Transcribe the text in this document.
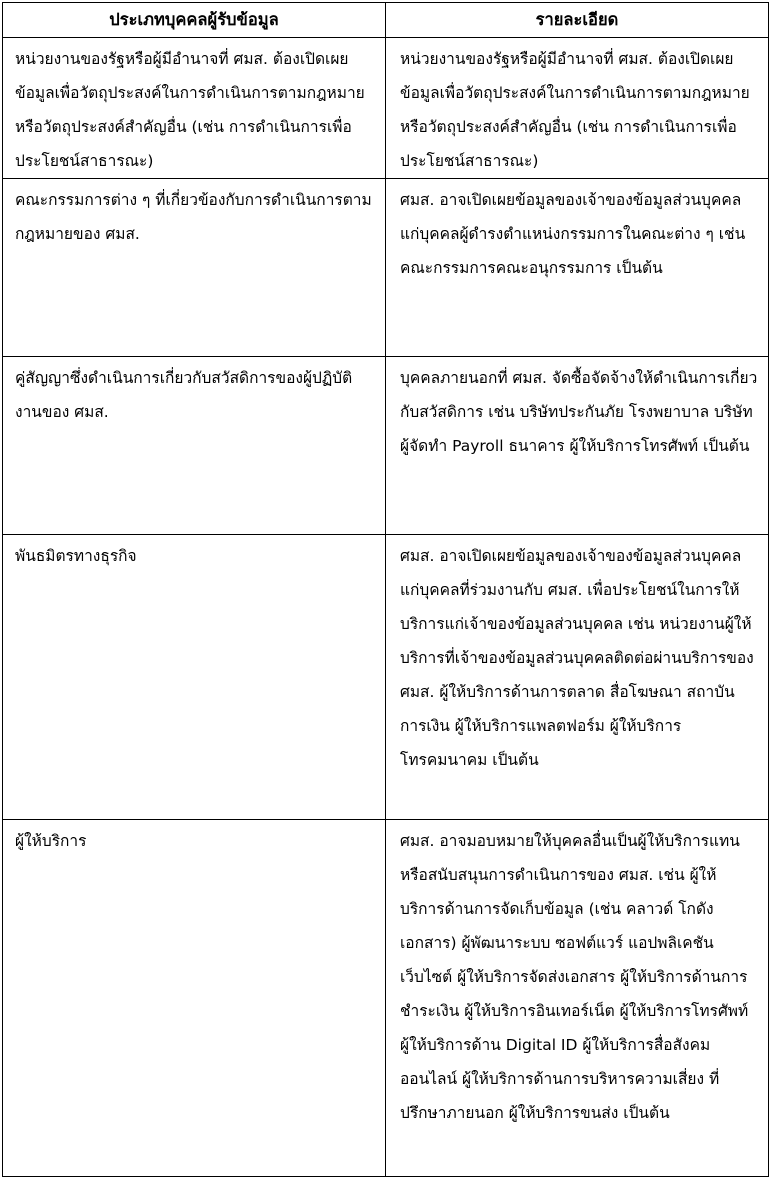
ประเภทบุคคลผู้รับข้อมูล	รายละเอียด

หน่วยงานของรัฐหรือผู้มีอำนาจที่ ศมส. ต้องเปิดเผยข้อมูลเพื่อวัตถุประสงค์ในการดำเนินการตามกฎหมายหรือวัตถุประสงค์สำคัญอื่น (เช่น การดำเนินการเพื่อประโยชน์สาธารณะ)	หน่วยงานของรัฐหรือผู้มีอำนาจที่ ศมส. ต้องเปิดเผยข้อมูลเพื่อวัตถุประสงค์ในการดำเนินการตามกฎหมายหรือวัตถุประสงค์สำคัญอื่น (เช่น การดำเนินการเพื่อประโยชน์สาธารณะ)

คณะกรรมการต่าง ๆ ที่เกี่ยวข้องกับการดำเนินการตามกฎหมายของ ศมส.	ศมส. อาจเปิดเผยข้อมูลของเจ้าของข้อมูลส่วนบุคคลแก่บุคคลผู้ดำรงตำแหน่งกรรมการในคณะต่าง ๆ เช่น คณะกรรมการคณะอนุกรรมการ เป็นต้น

คู่สัญญาซึ่งดำเนินการเกี่ยวกับสวัสดิการของผู้ปฏิบัติงานของ ศมส.	บุคคลภายนอกที่ ศมส. จัดซื้อจัดจ้างให้ดำเนินการเกี่ยวกับสวัสดิการ เช่น บริษัทประกันภัย โรงพยาบาล บริษัทผู้จัดทำ Payroll ธนาคาร ผู้ให้บริการโทรศัพท์ เป็นต้น

พันธมิตรทางธุรกิจ	ศมส. อาจเปิดเผยข้อมูลของเจ้าของข้อมูลส่วนบุคคลแก่บุคคลที่ร่วมงานกับ ศมส. เพื่อประโยชน์ในการให้บริการแก่เจ้าของข้อมูลส่วนบุคคล เช่น หน่วยงานผู้ให้บริการที่เจ้าของข้อมูลส่วนบุคคลติดต่อผ่านบริการของ ศมส. ผู้ให้บริการด้านการตลาด สื่อโฆษณา สถาบันการเงิน ผู้ให้บริการแพลตฟอร์ม ผู้ให้บริการโทรคมนาคม เป็นต้น

ผู้ให้บริการ	ศมส. อาจมอบหมายให้บุคคลอื่นเป็นผู้ให้บริการแทน หรือสนับสนุนการดำเนินการของ ศมส. เช่น ผู้ให้บริการด้านการจัดเก็บข้อมูล (เช่น คลาวด์ โกดังเอกสาร) ผู้พัฒนาระบบ ซอฟต์แวร์ แอปพลิเคชัน เว็บไซต์ ผู้ให้บริการจัดส่งเอกสาร ผู้ให้บริการด้านการชำระเงิน ผู้ให้บริการอินเทอร์เน็ต ผู้ให้บริการโทรศัพท์ ผู้ให้บริการด้าน Digital ID ผู้ให้บริการสื่อสังคมออนไลน์ ผู้ให้บริการด้านการบริหารความเสี่ยง ที่ปรึกษาภายนอก ผู้ให้บริการขนส่ง เป็นต้น
